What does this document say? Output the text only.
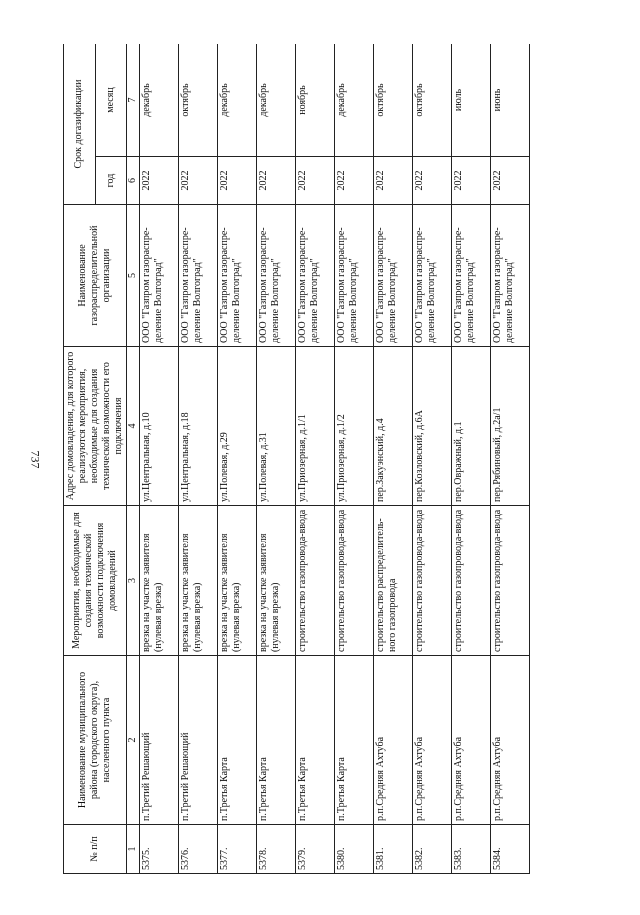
737
№ п/п	Наименование муниципального района (городского округа), населенного пункта	Мероприятия, необходимые для создания технической возможности подключения домовладений	Адрес домовладения, для которого реализуются мероприятия, необходимые для создания технической возможности его подключения	Наименование газораспределительной организации	Срок догазификации	
					год	месяц
1	2	3	4	5	6	7
5375.	п.Третий Решающий	врезка на участке заявителя (нулевая врезка)	ул.Центральная, д.10	ООО "Газпром газораспре-деление Волгоград"	2022	декабрь
5376.	п.Третий Решающий	врезка на участке заявителя (нулевая врезка)	ул.Центральная, д.18	ООО "Газпром газораспре-деление Волгоград"	2022	октябрь
5377.	п.Третья Карта	врезка на участке заявителя (нулевая врезка)	ул.Полевая, д.29	ООО "Газпром газораспре-деление Волгоград"	2022	декабрь
5378.	п.Третья Карта	врезка на участке заявителя (нулевая врезка)	ул.Полевая, д.31	ООО "Газпром газораспре-деление Волгоград"	2022	декабрь
5379.	п.Третья Карта	строительство газопровода-ввода	ул.Приозерная, д.1/1	ООО "Газпром газораспре-деление Волгоград"	2022	ноябрь
5380.	п.Третья Карта	строительство газопровода-ввода	ул.Приозерная, д.1/2	ООО "Газпром газораспре-деление Волгоград"	2022	декабрь
5381.	р.п.Средняя Ахтуба	строительство распределитель-ного газопровода	пер.Закуэнский, д.4	ООО "Газпром газораспре-деление Волгоград"	2022	октябрь
5382.	р.п.Средняя Ахтуба	строительство газопровода-ввода	пер.Козловский, д.6А	ООО "Газпром газораспре-деление Волгоград"	2022	октябрь
5383.	р.п.Средняя Ахтуба	строительство газопровода-ввода	пер.Овражный, д.1	ООО "Газпром газораспре-деление Волгоград"	2022	июль
5384.	р.п.Средняя Ахтуба	строительство газопровода-ввода	пер.Рябиновый, д.2а/1	ООО "Газпром газораспре-деление Волгоград"	2022	июнь
